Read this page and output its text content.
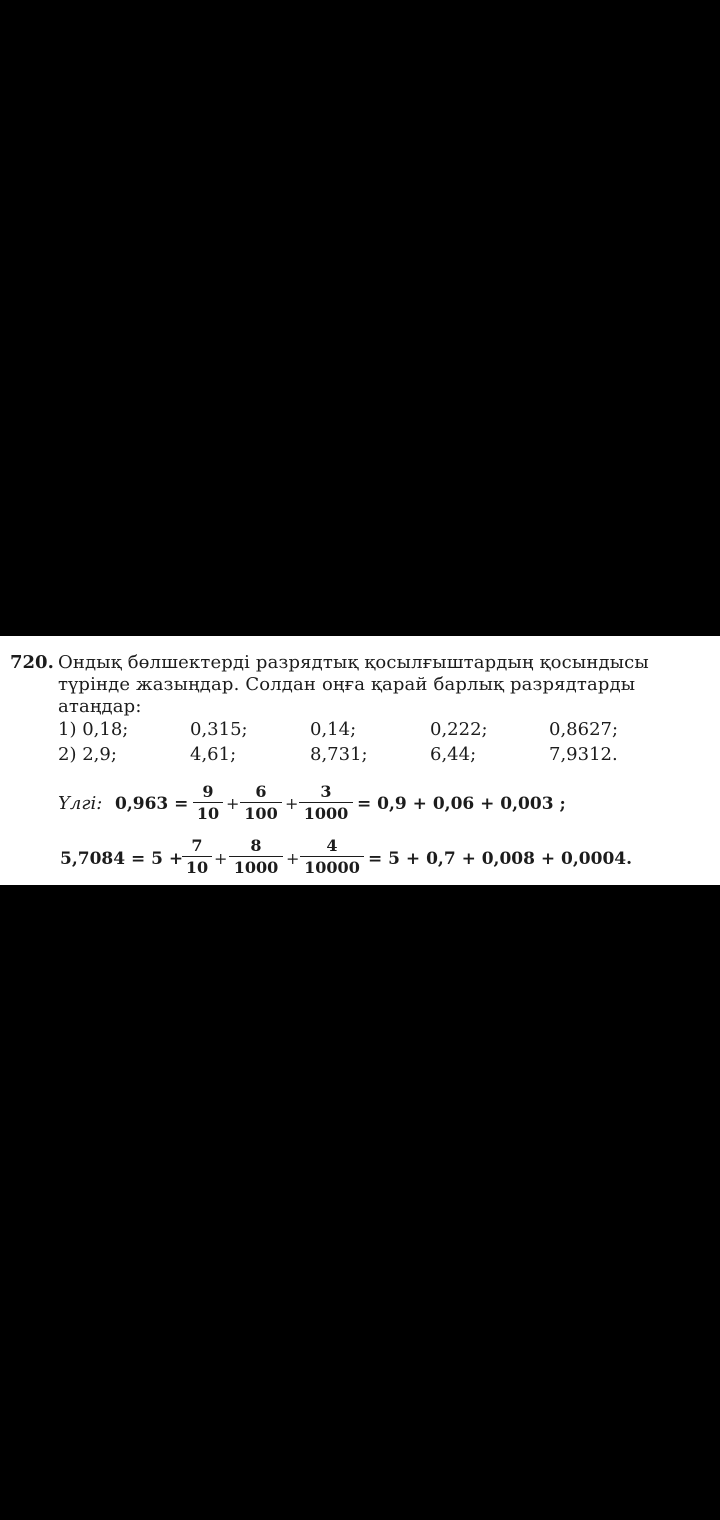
720. Ондық бөлшектерді разрядтық қосылғыштардың қосындысы
түрінде жазыңдар. Солдан оңға қарай барлық разрядтарды
атаңдар:
1) 0,18;	0,315;	0,14;	0,222;	0,8627;
2) 2,9;	4,61;	8,731;	6,44;	7,9312.
Үлгі: 0,963 =
9
10
+
6
100
+
3
1000 = 0,9 + 0,06 + 0,003 ;
5,7084 = 5 +
7
10 +
8
1000 +
4
10000 = 5 + 0,7 + 0,008 + 0,0004.
